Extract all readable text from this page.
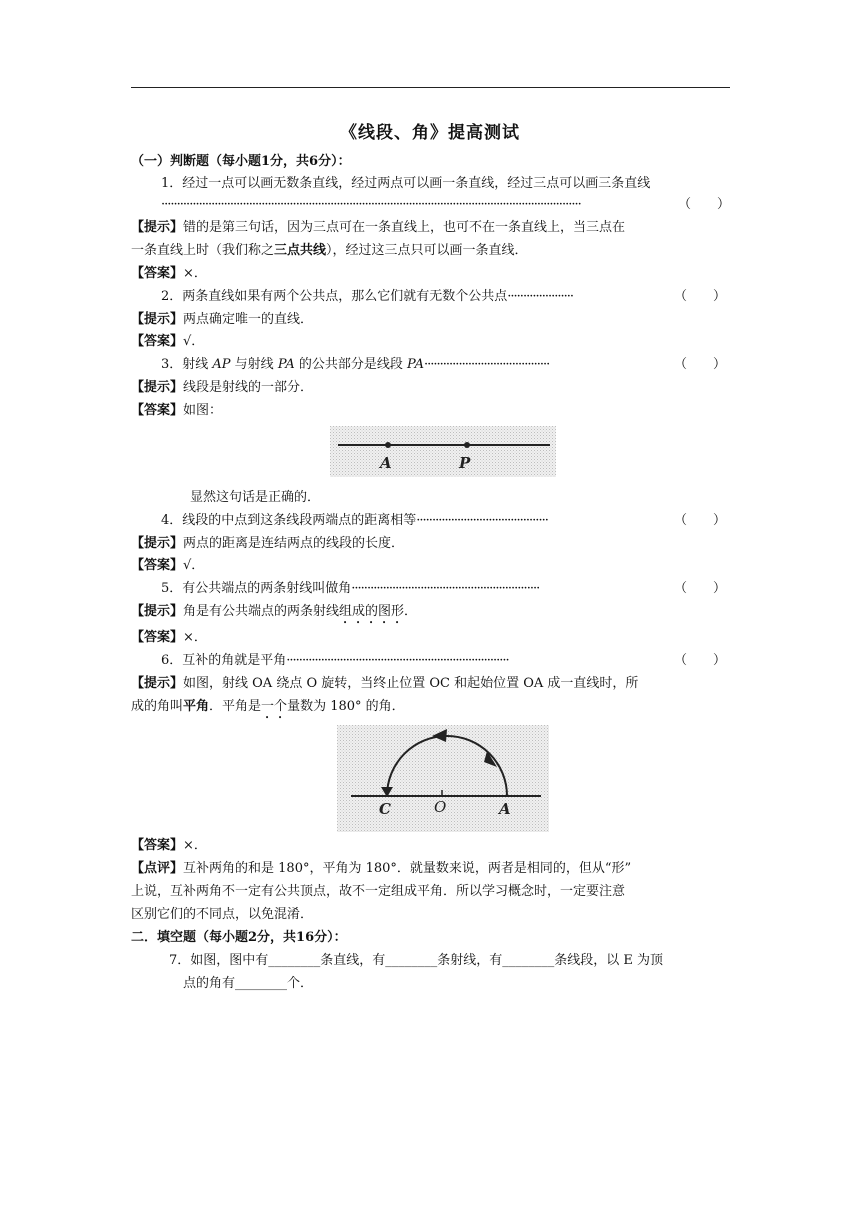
《线段、角》提高测试
（一）判断题（每小题1分，共6分）：
1．经过一点可以画无数条直线，经过两点可以画一条直线，经过三点可以画三条直线
······································································································································	（　　）
【提示】错的是第三句话，因为三点可在一条直线上，也可不在一条直线上，当三点在
一条直线上时（我们称之三点共线），经过这三点只可以画一条直线．
【答案】×．
2．两条直线如果有两个公共点，那么它们就有无数个公共点·····················	（　　）
【提示】两点确定唯一的直线．
【答案】√．
3．射线 AP 与射线 PA 的公共部分是线段 PA········································	（　　）
【提示】线段是射线的一部分．
【答案】如图：
A	P
显然这句话是正确的．
4．线段的中点到这条线段两端点的距离相等··········································	（　　）
【提示】两点的距离是连结两点的线段的长度．
【答案】√．
5．有公共端点的两条射线叫做角····························································	（　　）
【提示】角是有公共端点的两条射线组成的图形．
【答案】×．
6．互补的角就是平角·······································································	（　　）
【提示】如图，射线 OA 绕点 O 旋转，当终止位置 OC 和起始位置 OA 成一直线时，所
成的角叫平角．平角是一个量数为 180° 的角．
C	O	A
【答案】×．
【点评】互补两角的和是 180°，平角为 180°．就量数来说，两者是相同的，但从“形”
上说，互补两角不一定有公共顶点，故不一定组成平角．所以学习概念时，一定要注意
区别它们的不同点，以免混淆．
二．填空题（每小题2分，共16分）：
7．如图，图中有________条直线，有________条射线，有________条线段，以 E 为顶
点的角有________个．
